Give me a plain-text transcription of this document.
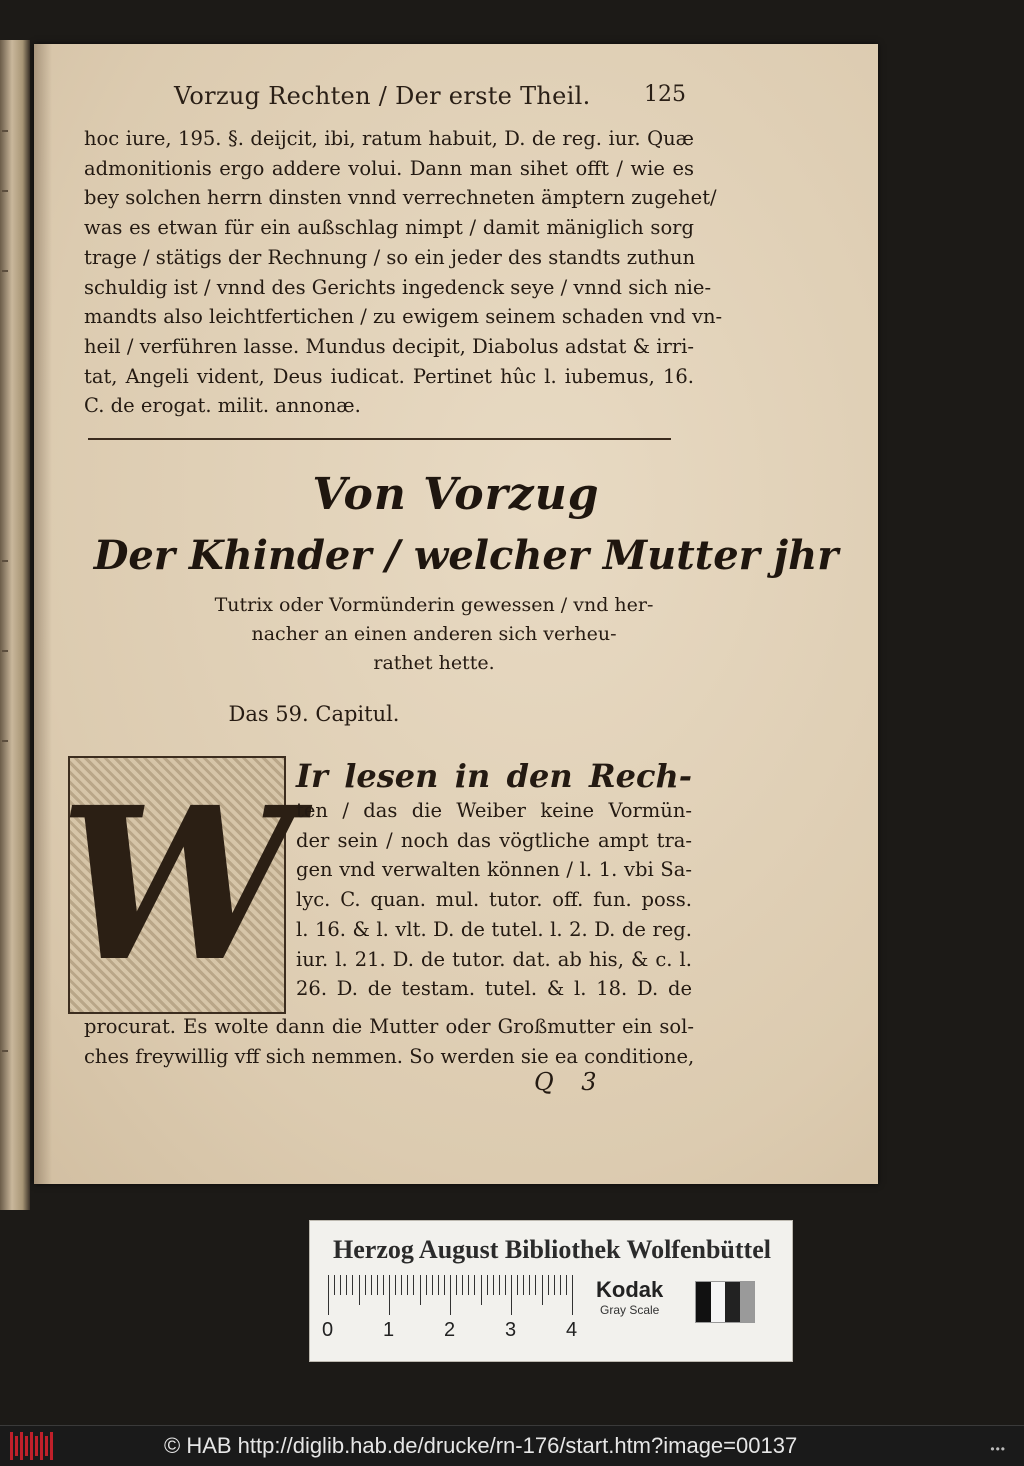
Vorzug Rechten / Der erste Theil. 125
hoc iure, 195. §. deijcit, ibi, ratum habuit, D. de reg. iur. Quæ
admonitionis ergo addere volui. Dann man sihet offt / wie es
bey solchen herrn dinsten vnnd verrechneten ämptern zugehet/
was es etwan für ein außschlag nimpt / damit mäniglich sorg
trage / stätigs der Rechnung / so ein jeder des standts zuthun
schuldig ist / vnnd des Gerichts ingedenck seye / vnnd sich nie-
mandts also leichtfertichen / zu ewigem seinem schaden vnd vn-
heil / verführen lasse. Mundus decipit, Diabolus adstat & irri-
tat, Angeli vident, Deus iudicat. Pertinet hûc l. iubemus, 16.
C. de erogat. milit. annonæ.
Von Vorzug
Der Khinder / welcher Mutter jhr
Tutrix oder Vormünderin gewessen / vnd her-
nacher an einen anderen sich verheu-
rathet hette.
Das 59. Capitul.
W Ir lesen in den Rech-
ten / das die Weiber keine Vormün-
der sein / noch das vögtliche ampt tra-
gen vnd verwalten können / l. 1. vbi Sa-
lyc. C. quan. mul. tutor. off. fun. poss.
l. 16. & l. vlt. D. de tutel. l. 2. D. de reg.
iur. l. 21. D. de tutor. dat. ab his, & c. l.
26. D. de testam. tutel. & l. 18. D. de
procurat. Es wolte dann die Mutter oder Großmutter ein sol-
ches freywillig vff sich nemmen. So werden sie ea conditione,
Q 3
Herzog August Bibliothek Wolfenbüttel
0 1 2 3 4
Kodak
Gray Scale
© HAB http://diglib.hab.de/drucke/rn-176/start.htm?image=00137	•••
